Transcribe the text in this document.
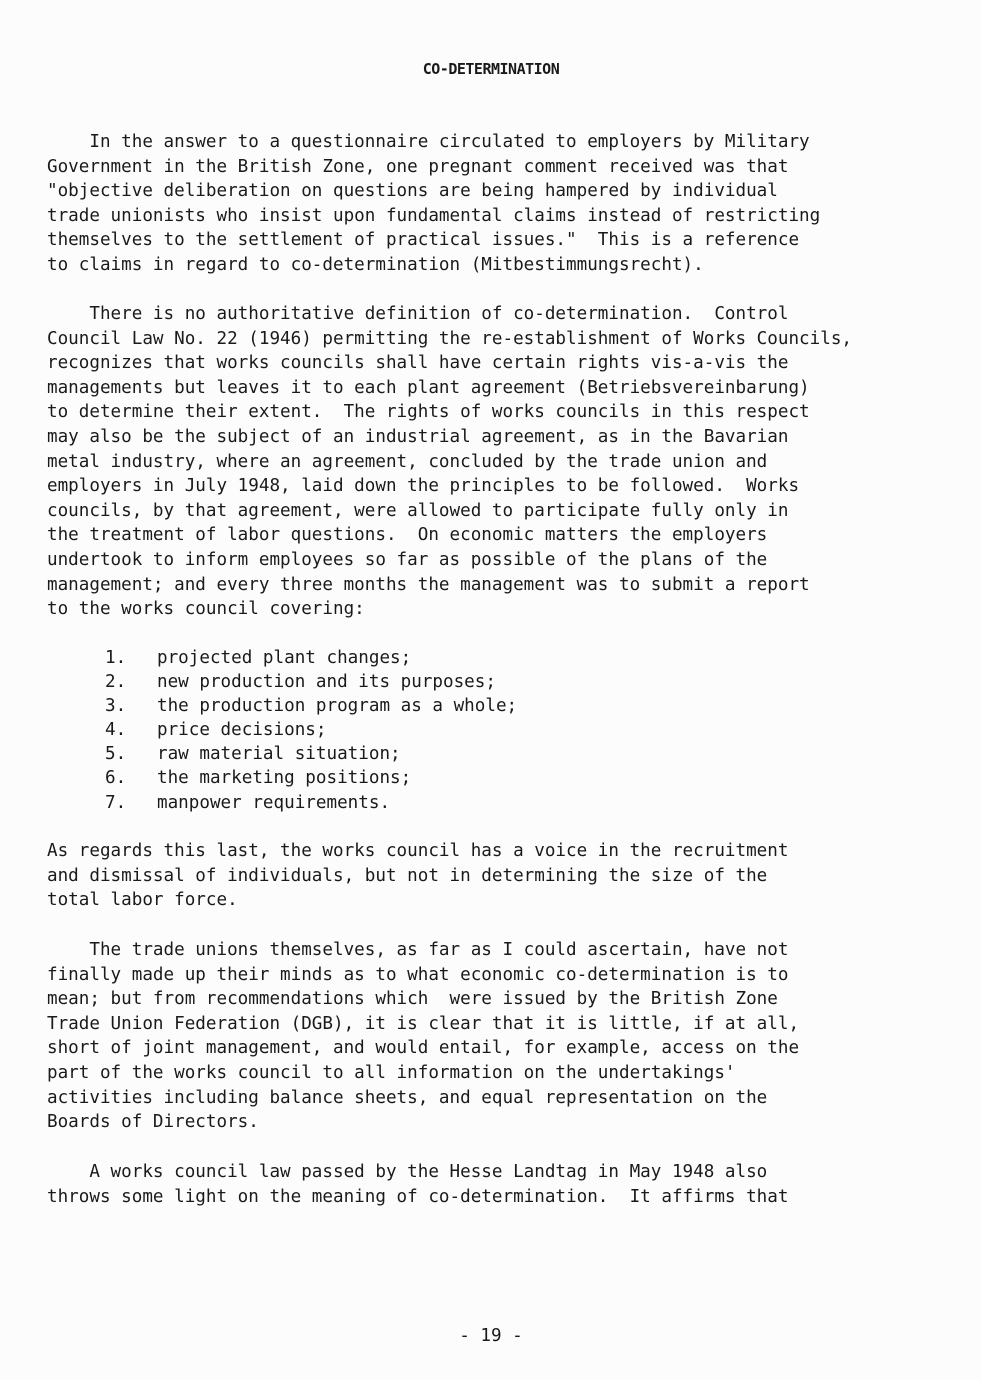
CO-DETERMINATION

In the answer to a questionnaire circulated to employers by Military
Government in the British Zone, one pregnant comment received was that
"objective deliberation on questions are being hampered by individual
trade unionists who insist upon fundamental claims instead of restricting
themselves to the settlement of practical issues."  This is a reference
to claims in regard to co-determination (Mitbestimmungsrecht).

There is no authoritative definition of co-determination.  Control
Council Law No. 22 (1946) permitting the re-establishment of Works Councils,
recognizes that works councils shall have certain rights vis-a-vis the
managements but leaves it to each plant agreement (Betriebsvereinbarung)
to determine their extent.  The rights of works councils in this respect
may also be the subject of an industrial agreement, as in the Bavarian
metal industry, where an agreement, concluded by the trade union and
employers in July 1948, laid down the principles to be followed.  Works
councils, by that agreement, were allowed to participate fully only in
the treatment of labor questions.  On economic matters the employers
undertook to inform employees so far as possible of the plans of the
management; and every three months the management was to submit a report
to the works council covering:

1. projected plant changes;
2. new production and its purposes;
3. the production program as a whole;
4. price decisions;
5. raw material situation;
6. the marketing positions;
7. manpower requirements.

As regards this last, the works council has a voice in the recruitment
and dismissal of individuals, but not in determining the size of the
total labor force.

The trade unions themselves, as far as I could ascertain, have not
finally made up their minds as to what economic co-determination is to
mean; but from recommendations which  were issued by the British Zone
Trade Union Federation (DGB), it is clear that it is little, if at all,
short of joint management, and would entail, for example, access on the
part of the works council to all information on the undertakings'
activities including balance sheets, and equal representation on the
Boards of Directors.

A works council law passed by the Hesse Landtag in May 1948 also
throws some light on the meaning of co-determination.  It affirms that

- 19 -
